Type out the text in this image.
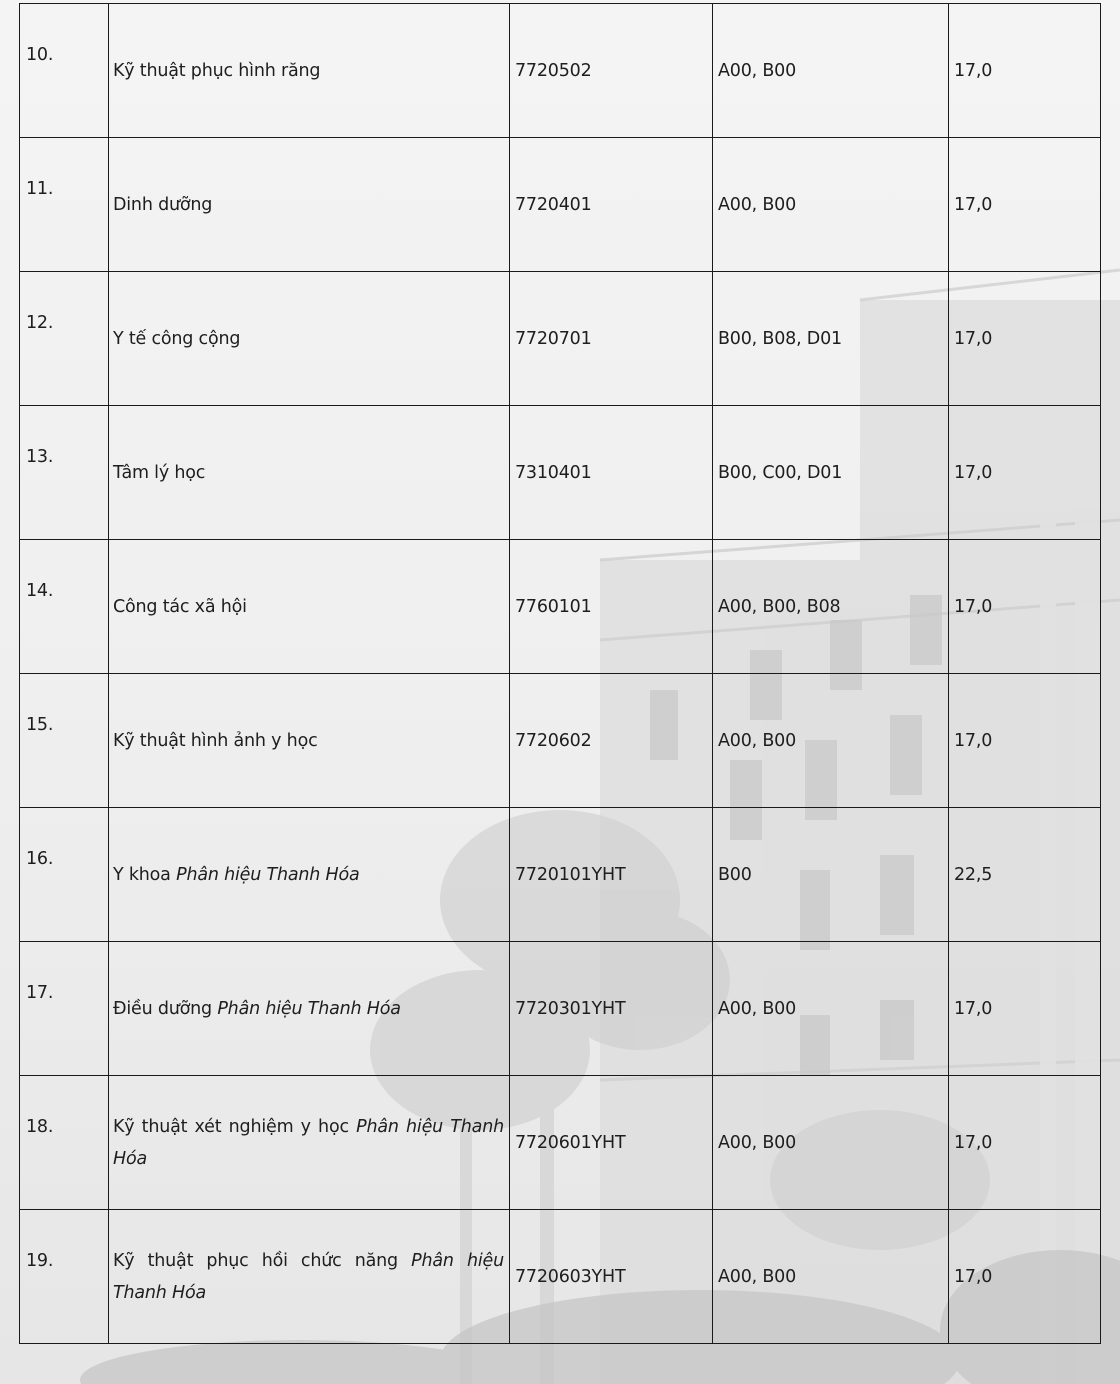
10.	Kỹ thuật phục hình răng	7720502	A00, B00	17,0
11.	Dinh dưỡng	7720401	A00, B00	17,0
12.	Y tế công cộng	7720701	B00, B08, D01	17,0
13.	Tâm lý học	7310401	B00, C00, D01	17,0
14.	Công tác xã hội	7760101	A00, B00, B08	17,0
15.	Kỹ thuật hình ảnh y học	7720602	A00, B00	17,0
16.	Y khoa Phân hiệu Thanh Hóa	7720101YHT	B00	22,5
17.	Điều dưỡng Phân hiệu Thanh Hóa	7720301YHT	A00, B00	17,0
18.	Kỹ thuật xét nghiệm y học Phân hiệu Thanh Hóa	7720601YHT	A00, B00	17,0
19.	Kỹ thuật phục hồi chức năng Phân hiệu Thanh Hóa	7720603YHT	A00, B00	17,0
